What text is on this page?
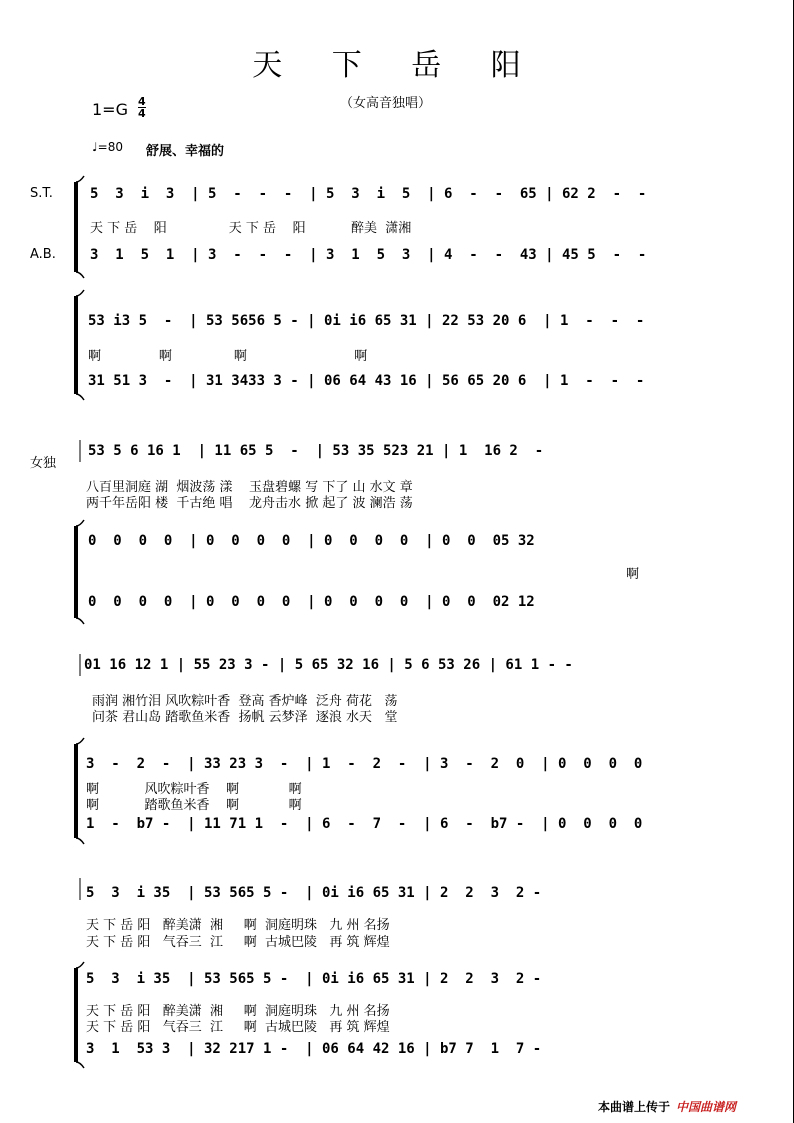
天 下 岳 阳
（女高音独唱）
1=G 4
4
♩=80 舒展、幸福的
S.T.
A.B.
女独
5  3  i  3  | 5  -  -  -  | 5  3  i  5  | 6  -  -  65 | 62 2  -  -
天 下 岳    阳               天 下 岳    阳           醉美  潇湘
3  1  5  1  | 3  -  -  -  | 3  1  5  3  | 4  -  -  43 | 45 5  -  -
53 i3 5  -  | 53 5656 5 - | 0i i6 65 31 | 22 53 20 6  | 1  -  -  -
啊              啊               啊                          啊
31 51 3  -  | 31 3433 3 - | 06 64 43 16 | 56 65 20 6  | 1  -  -  -
53 5 6 16 1  | 11 65 5  -  | 53 35 523 21 | 1  16 2  -
八百里洞庭 湖  烟波荡 漾    玉盘碧螺 写 下了 山 水文 章
两千年岳阳 楼  千古绝 唱    龙舟击水 掀 起了 波 澜浩 荡
0  0  0  0  | 0  0  0  0  | 0  0  0  0  | 0  0  05 32
啊
0  0  0  0  | 0  0  0  0  | 0  0  0  0  | 0  0  02 12
01 16 12 1 | 55 23 3 - | 5 65 32 16 | 5 6 53 26 | 61 1 - -
雨润 湘竹泪 风吹粽叶香  登高 香炉峰  泛舟 荷花   荡
问茶 君山岛 踏歌鱼米香  扬帆 云梦泽  逐浪 水天   堂
3  -  2  -  | 33 23 3  -  | 1  -  2  -  | 3  -  2  0  | 0  0  0  0
啊           风吹粽叶香    啊            啊
啊           踏歌鱼米香    啊            啊
1  -  b7 -  | 11 71 1  -  | 6  -  7  -  | 6  -  b7 -  | 0  0  0  0
5  3  i 35  | 53 565 5 -  | 0i i6 65 31 | 2  2  3  2 -
天 下 岳 阳   醉美潇  湘     啊  洞庭明珠   九 州 名扬
天 下 岳 阳   气吞三  江     啊  古城巴陵   再 筑 辉煌
5  3  i 35  | 53 565 5 -  | 0i i6 65 31 | 2  2  3  2 -
天 下 岳 阳   醉美潇  湘     啊  洞庭明珠   九 州 名扬
天 下 岳 阳   气吞三  江     啊  古城巴陵   再 筑 辉煌
3  1  53 3  | 32 217 1 -  | 06 64 42 16 | b7 7  1  7 -
本曲谱上传于 中国曲谱网
